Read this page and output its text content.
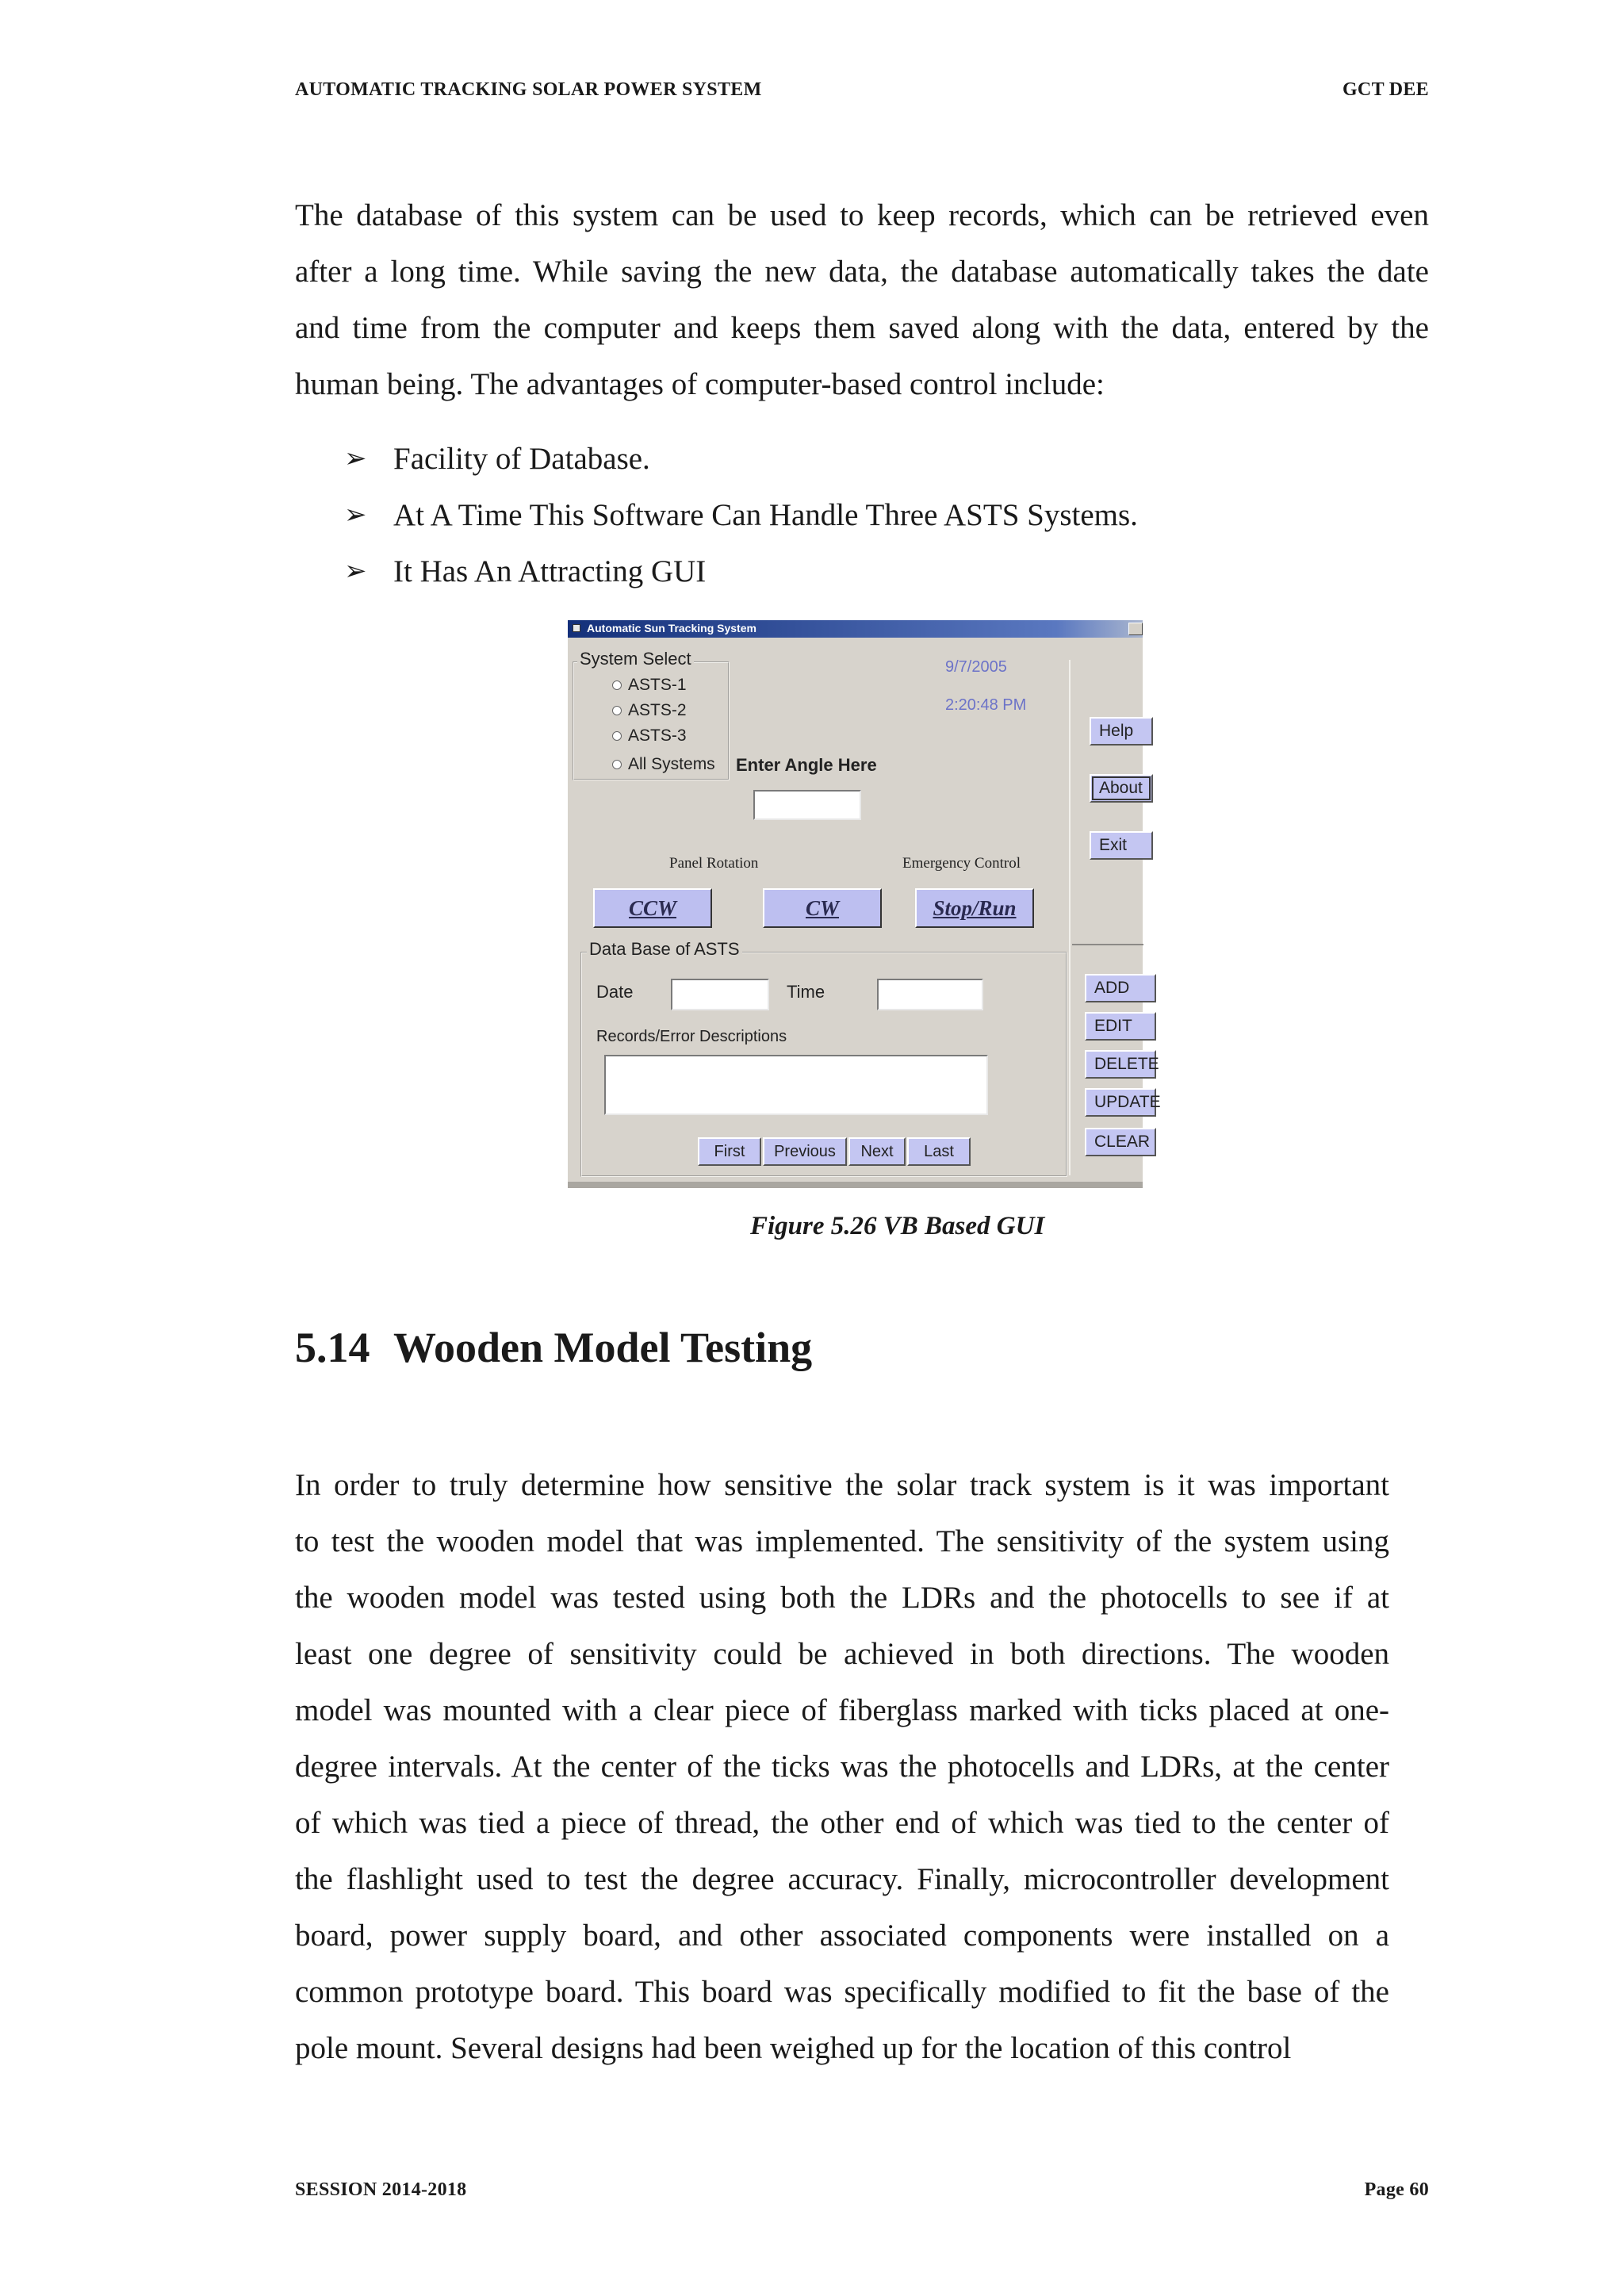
AUTOMATIC TRACKING SOLAR POWER SYSTEM	GCT DEE

The database of this system can be used to keep records, which can be retrieved even

after a long time. While saving the new data, the database automatically takes the date

and time from the computer and keeps them saved along with the data, entered by the

human being. The advantages of computer-based control include:

➢ Facility of Database.
➢ At A Time This Software Can Handle Three ASTS Systems.
➢ It Has An Attracting GUI
Automatic Sun Tracking System
System Select
ASTS-1
ASTS-2
ASTS-3
All Systems
9/7/2005
2:20:48 PM
Enter Angle Here
Panel Rotation	Emergency Control
CCW	CW	Stop/Run
Help
About
Exit
Data Base of ASTS
Date	Time
Records/Error Descriptions
First	Previous	Next	Last
ADD
EDIT
DELETE
UPDATE
CLEAR
Figure 5.26 VB Based GUI
5.14 Wooden Model Testing

In order to truly determine how sensitive the solar track system is it was important

to test the wooden model that was implemented. The sensitivity of the system using

the wooden model was tested using both the LDRs and the photocells to see if at

least one degree of sensitivity could be achieved in both directions. The wooden

model was mounted with a clear piece of fiberglass marked with ticks placed at one-

degree intervals. At the center of the ticks was the photocells and LDRs, at the center

of which was tied a piece of thread, the other end of which was tied to the center of

the flashlight used to test the degree accuracy. Finally, microcontroller development

board, power supply board, and other associated components were installed on a

common prototype board. This board was specifically modified to fit the base of the

pole mount. Several designs had been weighed up for the location of this control

SESSION 2014-2018	Page 60
